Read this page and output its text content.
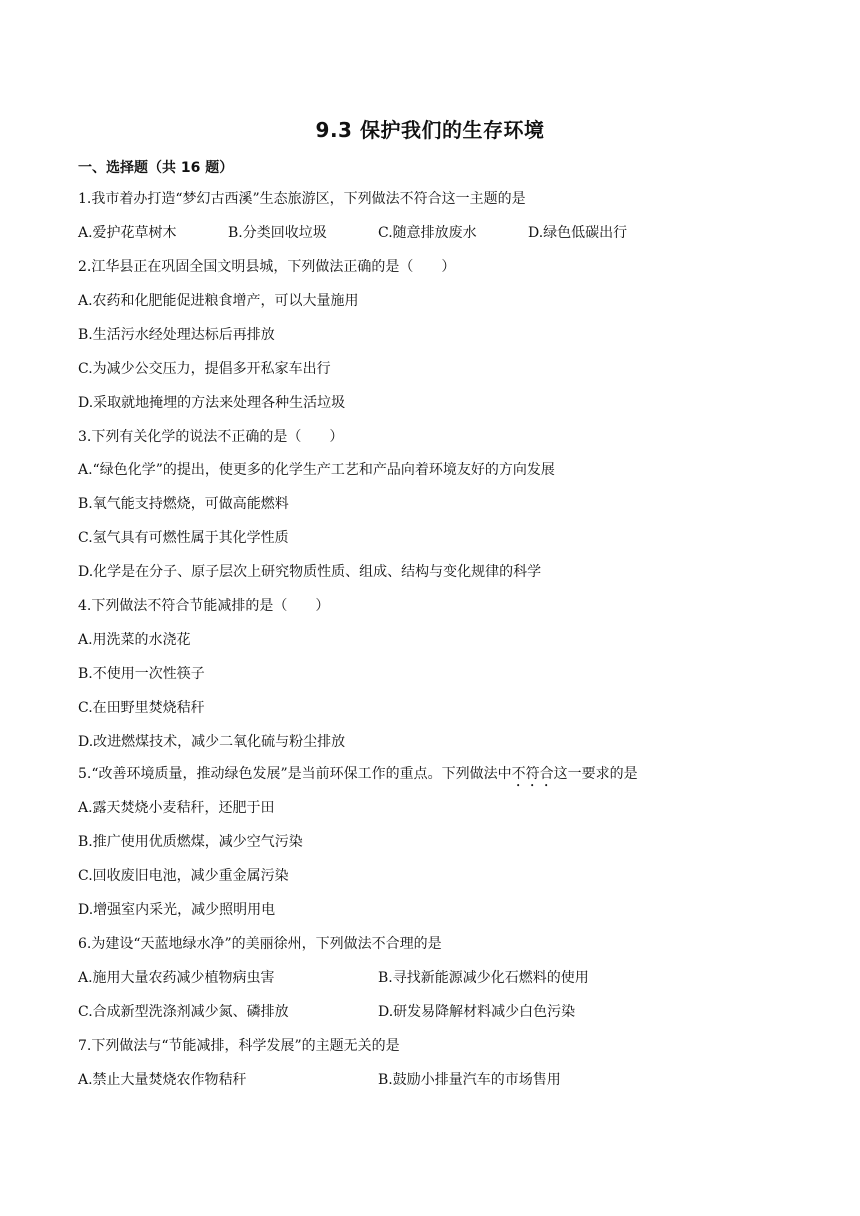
9.3 保护我们的生存环境
一、选择题（共 16 题）
1.我市着办打造“梦幻古西溪”生态旅游区，下列做法不符合这一主题的是
A.爱护花草树木	B.分类回收垃圾	C.随意排放废水	D.绿色低碳出行
2.江华县正在巩固全国文明县城，下列做法正确的是（　　）
A.农药和化肥能促进粮食增产，可以大量施用
B.生活污水经处理达标后再排放
C.为减少公交压力，提倡多开私家车出行
D.采取就地掩埋的方法来处理各种生活垃圾
3.下列有关化学的说法不正确的是（　　）
A.“绿色化学”的提出，使更多的化学生产工艺和产品向着环境友好的方向发展
B.氧气能支持燃烧，可做高能燃料
C.氢气具有可燃性属于其化学性质
D.化学是在分子、原子层次上研究物质性质、组成、结构与变化规律的科学
4.下列做法不符合节能减排的是（　　）
A.用洗菜的水浇花
B.不使用一次性筷子
C.在田野里焚烧秸秆
D.改进燃煤技术，减少二氧化硫与粉尘排放
5.“改善环境质量，推动绿色发展”是当前环保工作的重点。下列做法中不符合这一要求的是
A.露天焚烧小麦秸秆，还肥于田
B.推广使用优质燃煤，减少空气污染
C.回收废旧电池，减少重金属污染
D.增强室内采光，减少照明用电
6.为建设“天蓝地绿水净”的美丽徐州，下列做法不合理的是
A.施用大量农药减少植物病虫害	B.寻找新能源减少化石燃料的使用
C.合成新型洗涤剂减少氮、磷排放	D.研发易降解材料减少白色污染
7.下列做法与“节能减排，科学发展”的主题无关的是
A.禁止大量焚烧农作物秸秆	B.鼓励小排量汽车的市场售用
